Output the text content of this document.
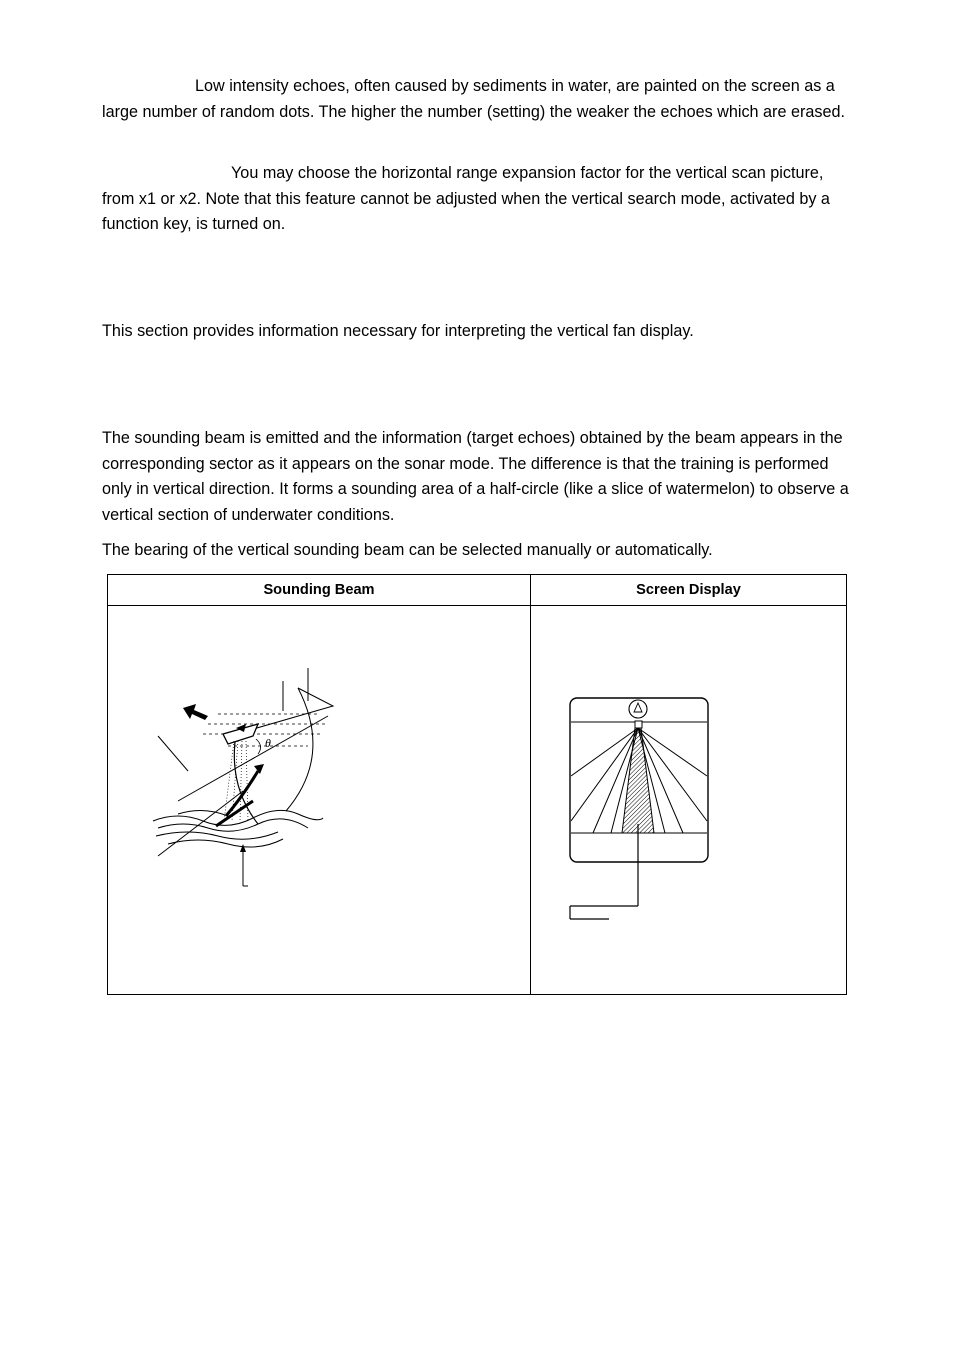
Low intensity echoes, often caused by sediments in water, are painted on the screen as a large number of random dots. The higher the number (setting) the weaker the echoes which are erased.

You may choose the horizontal range expansion factor for the vertical scan picture, from x1 or x2. Note that this feature cannot be adjusted when the vertical search mode, activated by a function key, is turned on.

This section provides information necessary for interpreting the vertical fan display.

The sounding beam is emitted and the information (target echoes) obtained by the beam appears in the corresponding sector as it appears on the sonar mode. The difference is that the training is performed only in vertical direction. It forms a sounding area of a half-circle (like a slice of watermelon) to observe a vertical section of underwater conditions.

The bearing of the vertical sounding beam can be selected manually or automatically.

Sounding Beam	Screen Display

θ
